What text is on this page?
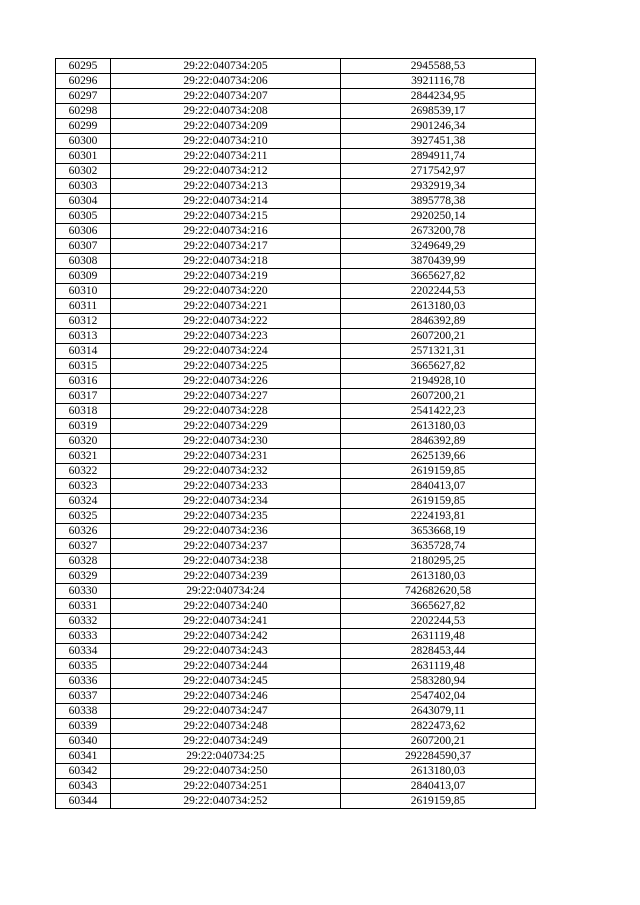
60295	29:22:040734:205	2945588,53
60296	29:22:040734:206	3921116,78
60297	29:22:040734:207	2844234,95
60298	29:22:040734:208	2698539,17
60299	29:22:040734:209	2901246,34
60300	29:22:040734:210	3927451,38
60301	29:22:040734:211	2894911,74
60302	29:22:040734:212	2717542,97
60303	29:22:040734:213	2932919,34
60304	29:22:040734:214	3895778,38
60305	29:22:040734:215	2920250,14
60306	29:22:040734:216	2673200,78
60307	29:22:040734:217	3249649,29
60308	29:22:040734:218	3870439,99
60309	29:22:040734:219	3665627,82
60310	29:22:040734:220	2202244,53
60311	29:22:040734:221	2613180,03
60312	29:22:040734:222	2846392,89
60313	29:22:040734:223	2607200,21
60314	29:22:040734:224	2571321,31
60315	29:22:040734:225	3665627,82
60316	29:22:040734:226	2194928,10
60317	29:22:040734:227	2607200,21
60318	29:22:040734:228	2541422,23
60319	29:22:040734:229	2613180,03
60320	29:22:040734:230	2846392,89
60321	29:22:040734:231	2625139,66
60322	29:22:040734:232	2619159,85
60323	29:22:040734:233	2840413,07
60324	29:22:040734:234	2619159,85
60325	29:22:040734:235	2224193,81
60326	29:22:040734:236	3653668,19
60327	29:22:040734:237	3635728,74
60328	29:22:040734:238	2180295,25
60329	29:22:040734:239	2613180,03
60330	29:22:040734:24	742682620,58
60331	29:22:040734:240	3665627,82
60332	29:22:040734:241	2202244,53
60333	29:22:040734:242	2631119,48
60334	29:22:040734:243	2828453,44
60335	29:22:040734:244	2631119,48
60336	29:22:040734:245	2583280,94
60337	29:22:040734:246	2547402,04
60338	29:22:040734:247	2643079,11
60339	29:22:040734:248	2822473,62
60340	29:22:040734:249	2607200,21
60341	29:22:040734:25	292284590,37
60342	29:22:040734:250	2613180,03
60343	29:22:040734:251	2840413,07
60344	29:22:040734:252	2619159,85
